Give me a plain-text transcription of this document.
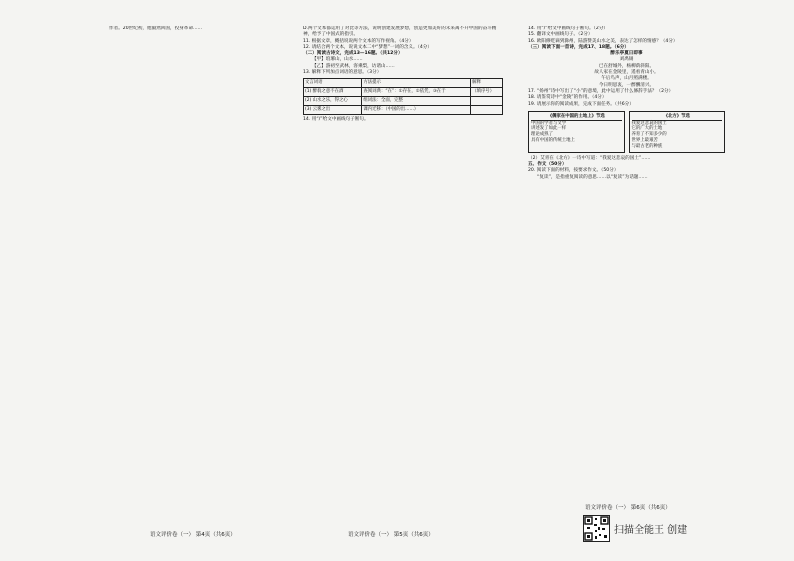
作者。20世纪初，他毅然回国，投身革命……

语文评价卷（一） 第4页（共6页）

D.两个文本都运用了对比等方法，说明创建发展梦想，创造更加美好的未来离不开中国的奋斗精神，给予了中国式的指引。

11. 根据文章，概括说说两个文本的写作视角。（4分）

12. 请结合两个文本，说说文本二中“梦想”一词的含义。（4分）

（二）阅读古诗文，完成13—16题。（共12分）

【甲】琅琊山，山水……

【乙】游初至武林，客乘梨，访诸山……

13. 解释下列加点词语的意思。（3分）

文言词语	方法提示	解释
(1) 醉翁之意不在酒	查阅词典：“在”：①存在，②依凭，③在于	（填序号）
(2) 山水之乐，得之心	组词法：全面，完整	
(3) 云雾之出	课内迁移：（中国的出……）	

14. 用“/”给文中画线句子断句。

语文评价卷（一） 第5页（共6页）

14. 用“/”给文中画线句子断句。（2分）

15. 翻译文中画线句子。（2分）

16. 欧阳修贬谪到滁州，陆游赞美山水之美，表达了怎样的情感？（4分）

（三）阅读下面一首诗，完成17、18题。（6分）

醉乐亭夏日即事

刘禹锡

已在舒城外，杨柳荫斜阳。

故人家在金陵里，遥看青山小。

午后鸟声，山月照满楼。

今日明思衷，一醉酬清兴。

17. “扬州”诗中写出了“小”的意境，此中运用了什么修辞手法？（2分）

18. 请鉴赏诗中“金陵”的作用。（4分）

19. 请展示你的阅读成果，完成下面任务。（共6分）

《儒家在中国的土地上》节选
中国的学者与文学
讲述发了如此一样
理论成熟了
具有中国的传统土地上
《北方》节选
我爱这悲哀的国土
它的广大的土地
养育了不知多少的
世界上最艰苦
与最古老的种族

（2）艾青在《北方》一诗中写道：“我爱这悲哀的国土”……

五、作文（50分）

20. 阅读下面的材料，按要求作文。（50分）

“复读”，是指重复阅读的意思……以“复读”为话题……

语文评价卷（一） 第6页（共6页）
扫描全能王 创建
